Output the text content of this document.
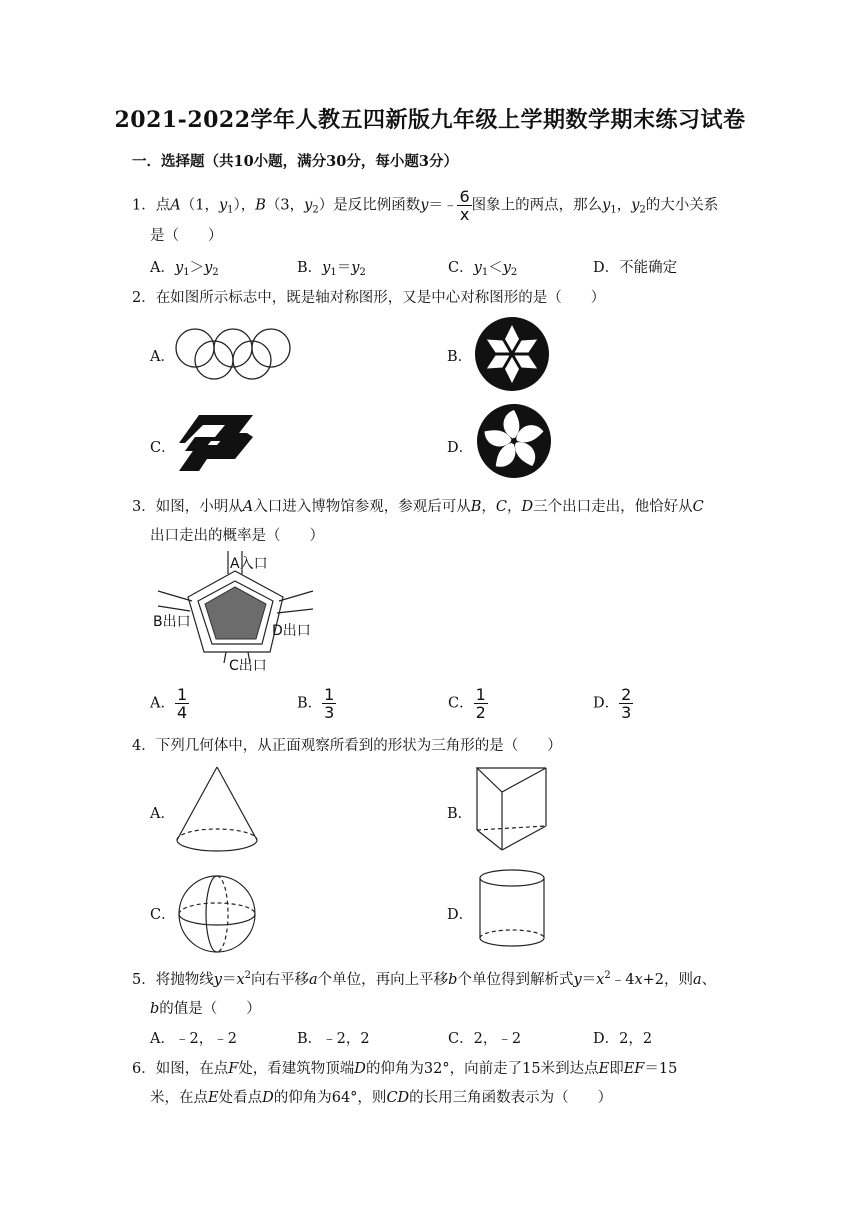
2021-2022学年人教五四新版九年级上学期数学期末练习试卷
一．选择题（共10小题，满分30分，每小题3分）
1．点A（1，$y_1$），B（3，$y_2$）是反比例函数y＝﹣ $\frac{6}{x}$ 图象上的两点，那么$y_1$，$y_2$的大小关系
是（　　）
A．$y_1>y_2$	B．$y_1=y_2$	C．$y_1<y_2$	D．不能确定
2．在如图所示标志中，既是轴对称图形，又是中心对称图形的是（　　）
A．	B．
C．	D．
3．如图，小明从A入口进入博物馆参观，参观后可从B，C，D三个出口走出，他恰好从C
出口走出的概率是（　　）
A入口
B出口
D出口
C出口
A． $\frac{1}{4}$	B． $\frac{1}{3}$	C． $\frac{1}{2}$	D． $\frac{2}{3}$
4．下列几何体中，从正面观察所看到的形状为三角形的是（　　）
A．	B．
C．	D．
5．将抛物线$y=x^2$向右平移a个单位，再向上平移b个单位得到解析式$y=x^2﹣4x+2$，则a、
b的值是（　　）
A．﹣2，﹣2	B．﹣2，2	C．2，﹣2	D．2，2
6．如图，在点F处，看建筑物顶端D的仰角为32°，向前走了15米到达点E即EF＝15
米，在点E处看点D的仰角为64°，则CD的长用三角函数表示为（　　）
